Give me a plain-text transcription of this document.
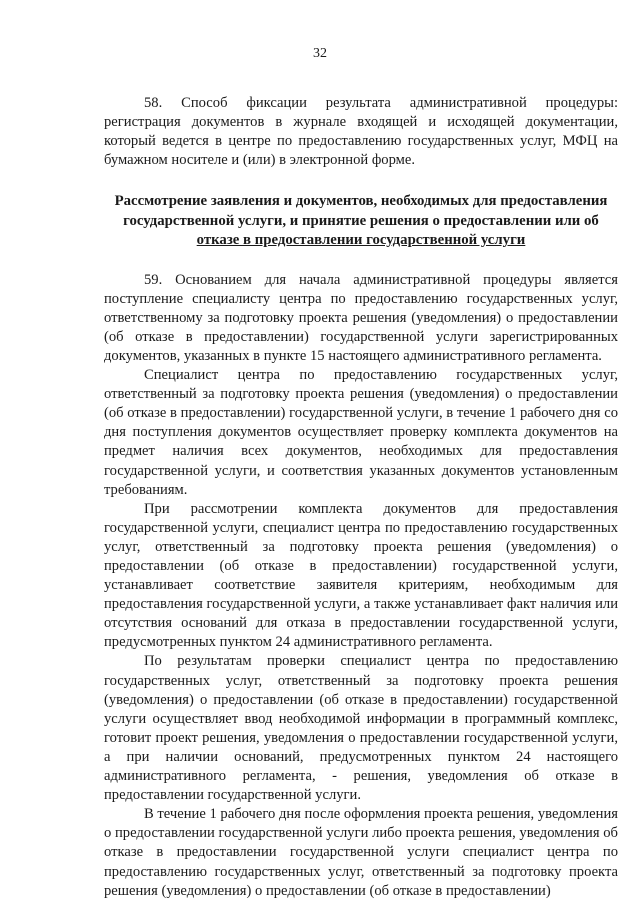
32

58. Способ фиксации результата административной процедуры: регистрация документов в журнале входящей и исходящей документации, который ведется в центре по предоставлению государственных услуг, МФЦ на бумажном носителе и (или) в электронной форме.

Рассмотрение заявления и документов, необходимых для предоставления государственной услуги, и принятие решения о предоставлении или об отказе в предоставлении государственной услуги

59. Основанием для начала административной процедуры является поступление специалисту центра по предоставлению государственных услуг, ответственному за подготовку проекта решения (уведомления) о предоставлении (об отказе в предоставлении) государственной услуги зарегистрированных документов, указанных в пункте 15 настоящего административного регламента.

Специалист центра по предоставлению государственных услуг, ответственный за подготовку проекта решения (уведомления) о предоставлении (об отказе в предоставлении) государственной услуги, в течение 1 рабочего дня со дня поступления документов осуществляет проверку комплекта документов на предмет наличия всех документов, необходимых для предоставления государственной услуги, и соответствия указанных документов установленным требованиям.

При рассмотрении комплекта документов для предоставления государственной услуги, специалист центра по предоставлению государственных услуг, ответственный за подготовку проекта решения (уведомления) о предоставлении (об отказе в предоставлении) государственной услуги, устанавливает соответствие заявителя критериям, необходимым для предоставления государственной услуги, а также устанавливает факт наличия или отсутствия оснований для отказа в предоставлении государственной услуги, предусмотренных пунктом 24 административного регламента.

По результатам проверки специалист центра по предоставлению государственных услуг, ответственный за подготовку проекта решения (уведомления) о предоставлении (об отказе в предоставлении) государственной услуги осуществляет ввод необходимой информации в программный комплекс, готовит проект решения, уведомления о предоставлении государственной услуги, а при наличии оснований, предусмотренных пунктом 24 настоящего административного регламента, - решения, уведомления об отказе в предоставлении государственной услуги.

В течение 1 рабочего дня после оформления проекта решения, уведомления о предоставлении государственной услуги либо проекта решения, уведомления об отказе в предоставлении государственной услуги специалист центра по предоставлению государственных услуг, ответственный за подготовку проекта решения (уведомления) о предоставлении (об отказе в предоставлении)
